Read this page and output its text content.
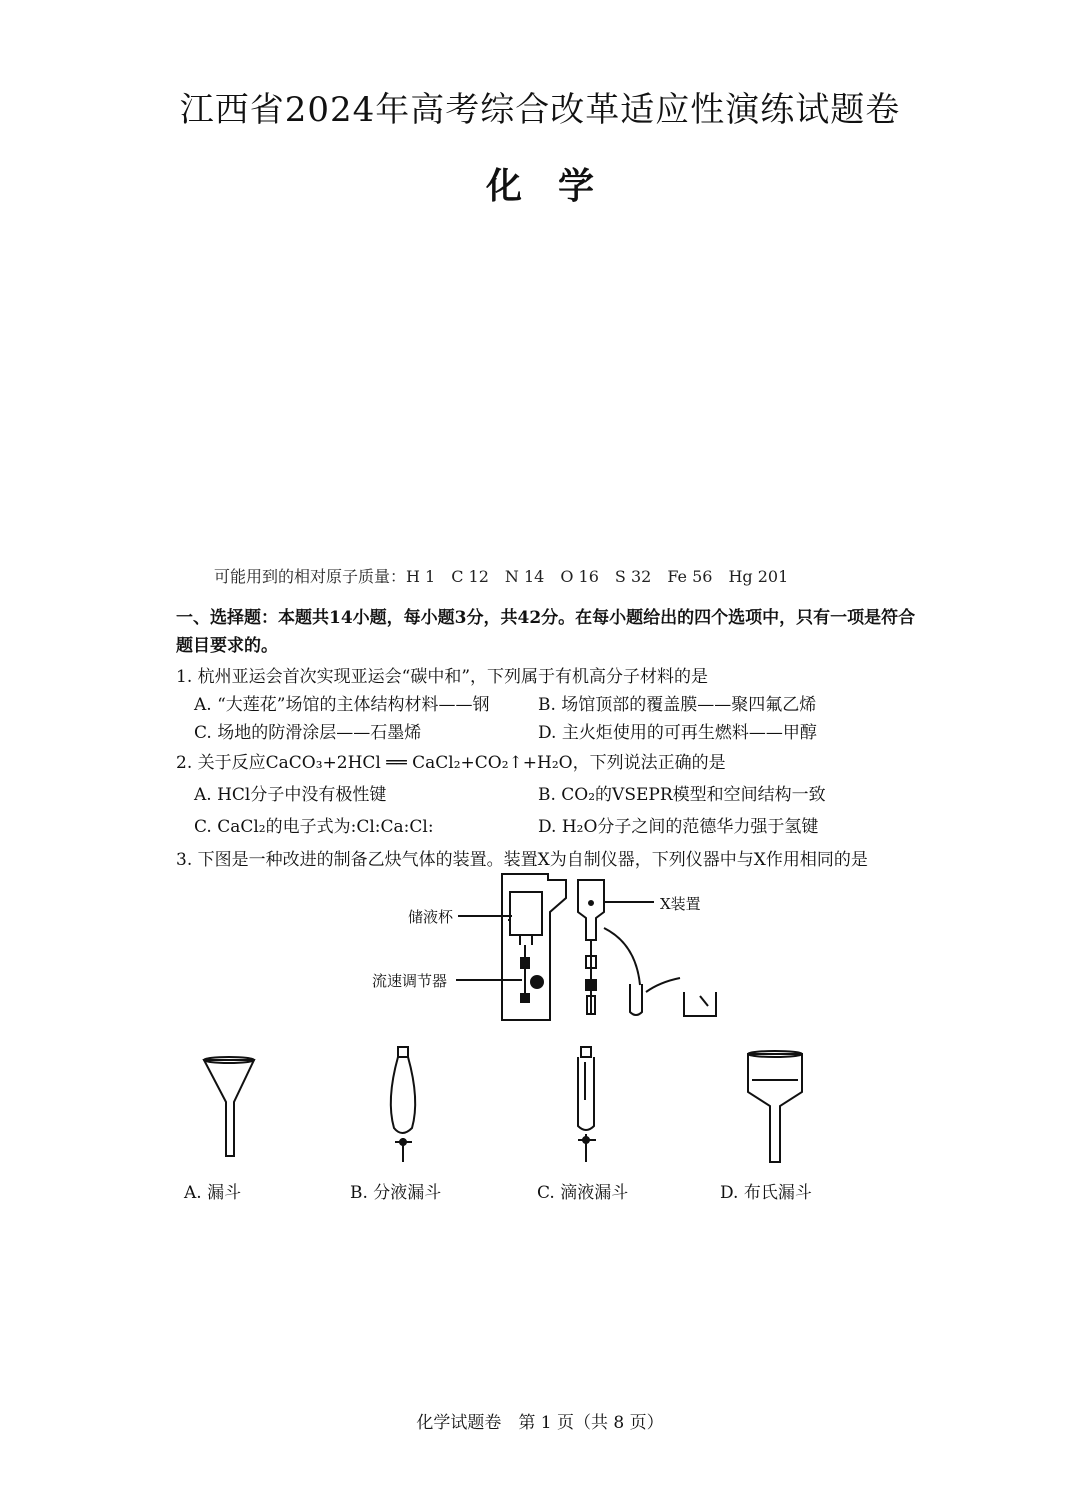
江西省2024年高考综合改革适应性演练试题卷
化学
可能用到的相对原子质量：H 1　C 12　N 14　O 16　S 32　Fe 56　Hg 201
一、选择题：本题共14小题，每小题3分，共42分。在每小题给出的四个选项中，只有一项是符合题目要求的。
1. 杭州亚运会首次实现亚运会“碳中和”，下列属于有机高分子材料的是
A. “大莲花”场馆的主体结构材料——钢	B. 场馆顶部的覆盖膜——聚四氟乙烯
C. 场地的防滑涂层——石墨烯	D. 主火炬使用的可再生燃料——甲醇
2. 关于反应CaCO₃+2HCl ══ CaCl₂+CO₂↑+H₂O，下列说法正确的是
A. HCl分子中没有极性键	B. CO₂的VSEPR模型和空间结构一致
C. CaCl₂的电子式为:Cl:Ca:Cl:	D. H₂O分子之间的范德华力强于氢键
3. 下图是一种改进的制备乙炔气体的装置。装置X为自制仪器，下列仪器中与X作用相同的是
储液杯
流速调节器
X装置
A. 漏斗	B. 分液漏斗	C. 滴液漏斗	D. 布氏漏斗
化学试题卷　第 1 页（共 8 页）
